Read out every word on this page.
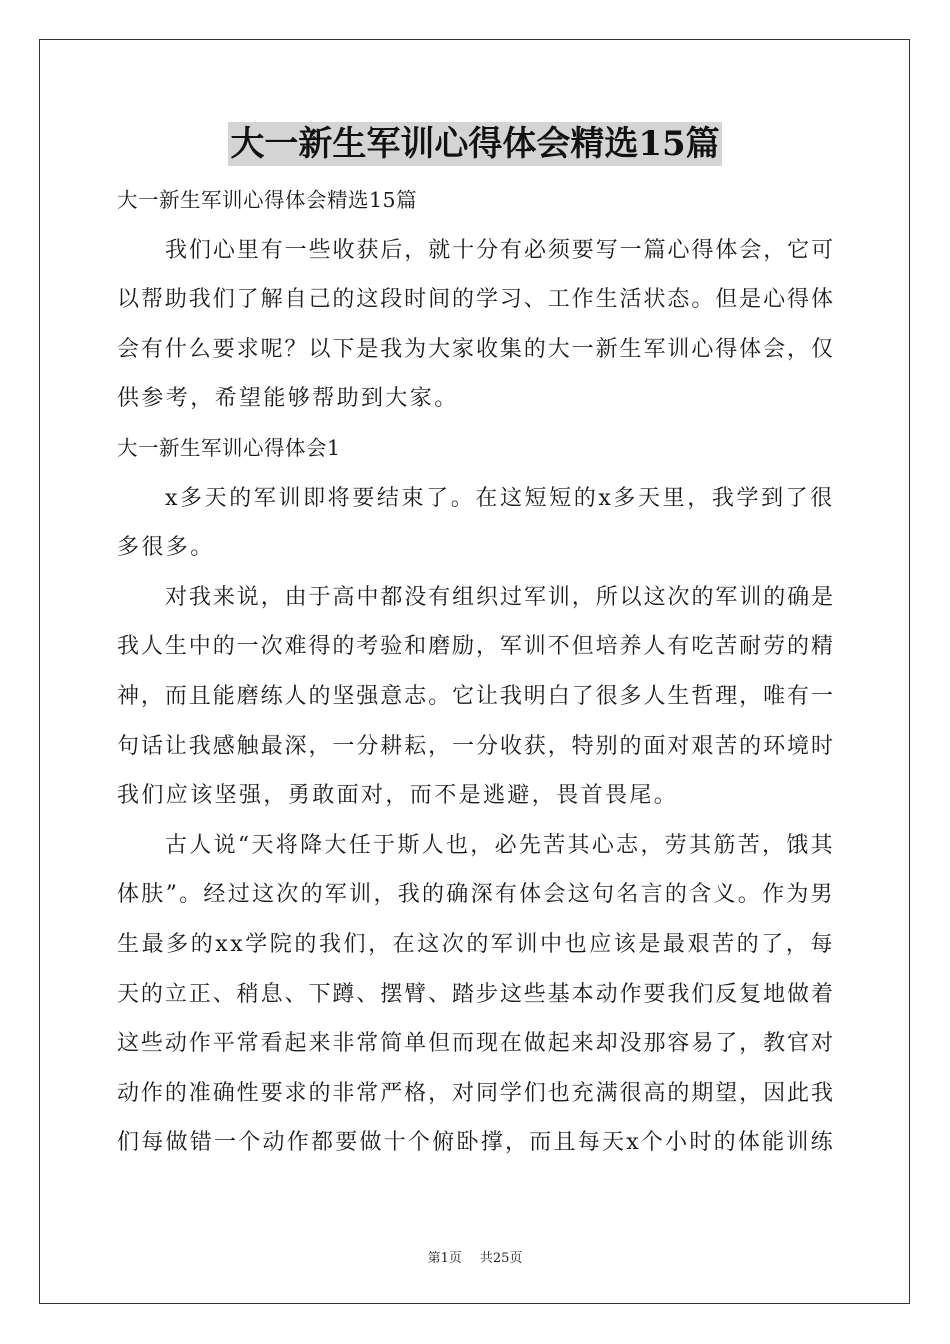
大一新生军训心得体会精选15篇
大一新生军训心得体会精选15篇
我们心里有一些收获后，就十分有必须要写一篇心得体会，它可
以帮助我们了解自己的这段时间的学习、工作生活状态。但是心得体
会有什么要求呢？以下是我为大家收集的大一新生军训心得体会，仅
供参考，希望能够帮助到大家。
大一新生军训心得体会1
x多天的军训即将要结束了。在这短短的x多天里，我学到了很
多很多。
对我来说，由于高中都没有组织过军训，所以这次的军训的确是
我人生中的一次难得的考验和磨励，军训不但培养人有吃苦耐劳的精
神，而且能磨练人的坚强意志。它让我明白了很多人生哲理，唯有一
句话让我感触最深，一分耕耘，一分收获，特别的面对艰苦的环境时
我们应该坚强，勇敢面对，而不是逃避，畏首畏尾。
古人说“天将降大任于斯人也，必先苦其心志，劳其筋苦，饿其
体肤”。经过这次的军训，我的确深有体会这句名言的含义。作为男
生最多的xx学院的我们，在这次的军训中也应该是最艰苦的了，每
天的立正、稍息、下蹲、摆臂、踏步这些基本动作要我们反复地做着
这些动作平常看起来非常简单但而现在做起来却没那容易了，教官对
动作的准确性要求的非常严格，对同学们也充满很高的期望，因此我
们每做错一个动作都要做十个俯卧撑，而且每天x个小时的体能训练
第1页 共25页
